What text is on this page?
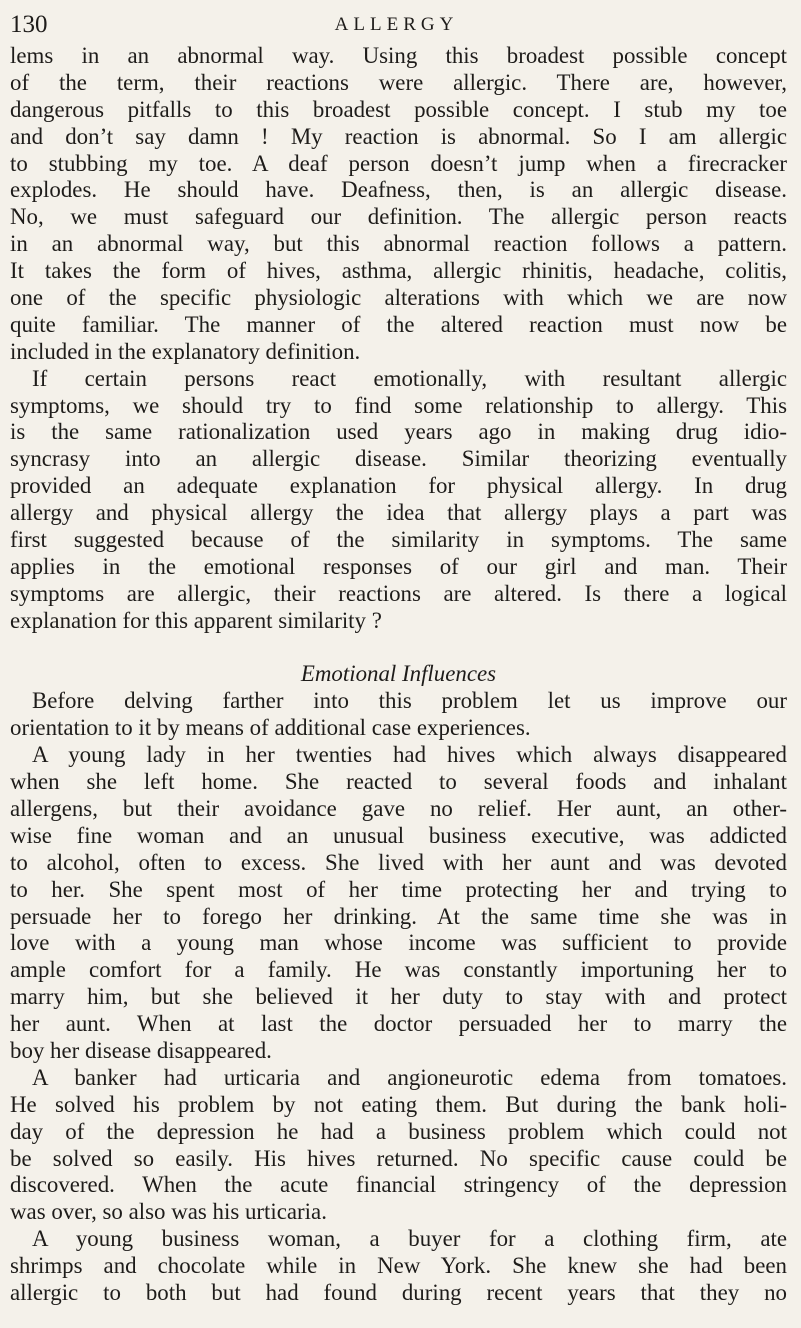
130	ALLERGY
lems in an abnormal way. Using this broadest possible concept
of the term, their reactions were allergic. There are, however,
dangerous pitfalls to this broadest possible concept. I stub my toe
and don’t say damn ! My reaction is abnormal. So I am allergic
to stubbing my toe. A deaf person doesn’t jump when a firecracker
explodes. He should have. Deafness, then, is an allergic disease.
No, we must safeguard our definition. The allergic person reacts
in an abnormal way, but this abnormal reaction follows a pattern.
It takes the form of hives, asthma, allergic rhinitis, headache, colitis,
one of the specific physiologic alterations with which we are now
quite familiar. The manner of the altered reaction must now be
included in the explanatory definition.
If certain persons react emotionally, with resultant allergic
symptoms, we should try to find some relationship to allergy. This
is the same rationalization used years ago in making drug idio-
syncrasy into an allergic disease. Similar theorizing eventually
provided an adequate explanation for physical allergy. In drug
allergy and physical allergy the idea that allergy plays a part was
first suggested because of the similarity in symptoms. The same
applies in the emotional responses of our girl and man. Their
symptoms are allergic, their reactions are altered. Is there a logical
explanation for this apparent similarity ?
Emotional Influences
Before delving farther into this problem let us improve our
orientation to it by means of additional case experiences.
A young lady in her twenties had hives which always disappeared
when she left home. She reacted to several foods and inhalant
allergens, but their avoidance gave no relief. Her aunt, an other-
wise fine woman and an unusual business executive, was addicted
to alcohol, often to excess. She lived with her aunt and was devoted
to her. She spent most of her time protecting her and trying to
persuade her to forego her drinking. At the same time she was in
love with a young man whose income was sufficient to provide
ample comfort for a family. He was constantly importuning her to
marry him, but she believed it her duty to stay with and protect
her aunt. When at last the doctor persuaded her to marry the
boy her disease disappeared.
A banker had urticaria and angioneurotic edema from tomatoes.
He solved his problem by not eating them. But during the bank holi-
day of the depression he had a business problem which could not
be solved so easily. His hives returned. No specific cause could be
discovered. When the acute financial stringency of the depression
was over, so also was his urticaria.
A young business woman, a buyer for a clothing firm, ate
shrimps and chocolate while in New York. She knew she had been
allergic to both but had found during recent years that they no
